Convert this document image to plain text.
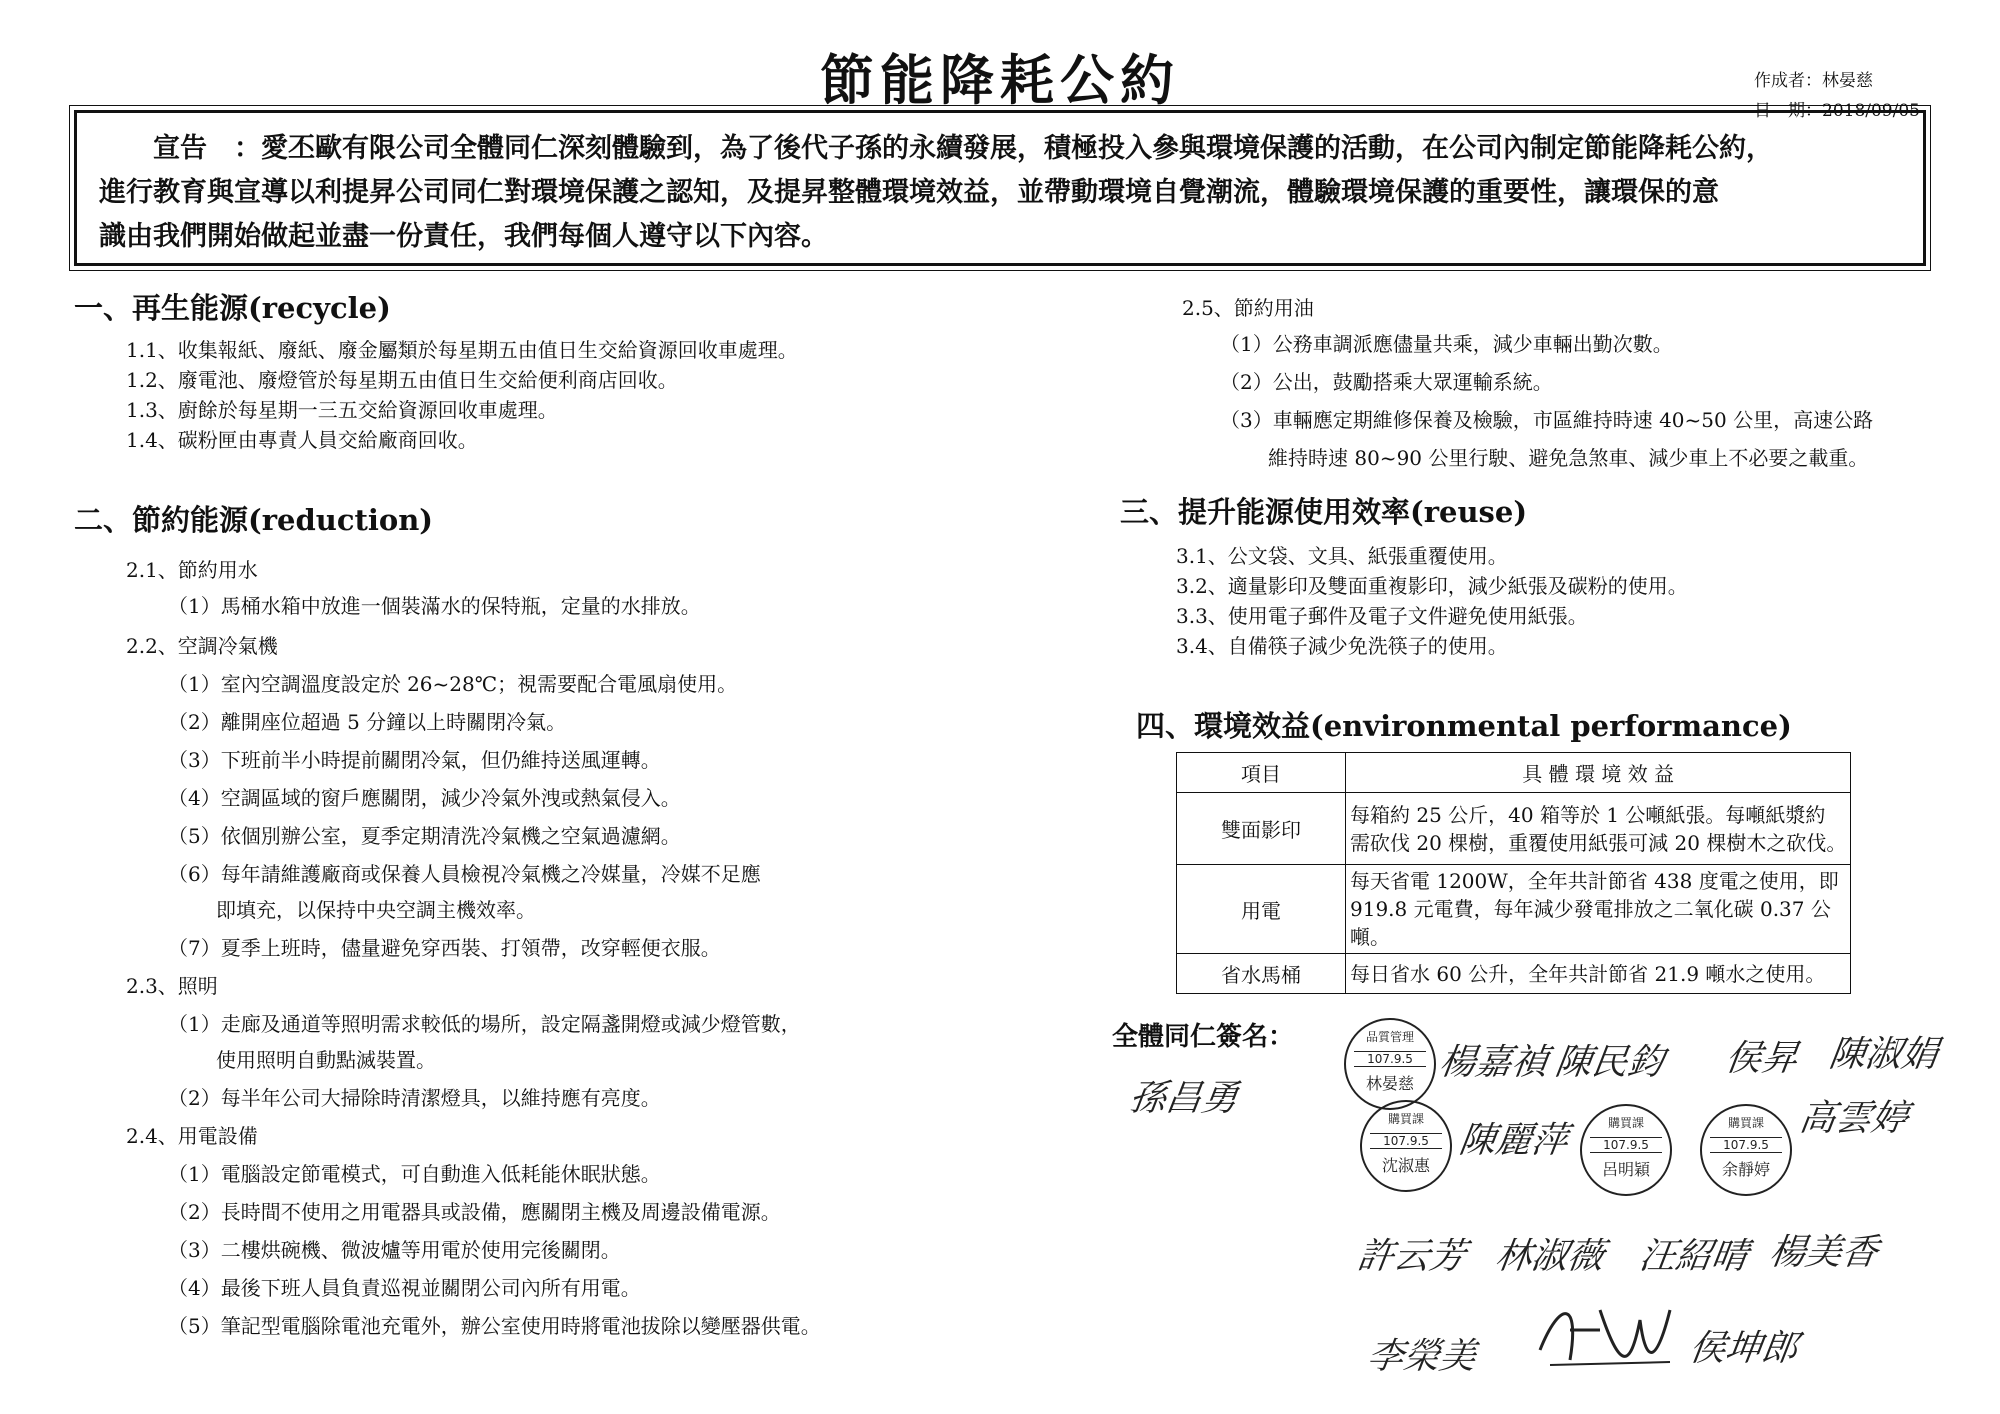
節能降耗公約	作成者：林晏慈
日　期：2018/09/05
　　宣告　：愛丕歐有限公司全體同仁深刻體驗到，為了後代子孫的永續發展，積極投入參與環境保護的活動，在公司內制定節能降耗公約，
進行教育與宣導以利提昇公司同仁對環境保護之認知，及提昇整體環境效益，並帶動環境自覺潮流，體驗環境保護的重要性，讓環保的意
識由我們開始做起並盡一份責任，我們每個人遵守以下內容。
一、再生能源(recycle)
1.1、收集報紙、廢紙、廢金屬類於每星期五由值日生交給資源回收車處理。
1.2、廢電池、廢燈管於每星期五由值日生交給便利商店回收。
1.3、廚餘於每星期一三五交給資源回收車處理。
1.4、碳粉匣由專責人員交給廠商回收。
二、節約能源(reduction)
2.1、節約用水
（1）馬桶水箱中放進一個裝滿水的保特瓶，定量的水排放。
2.2、空調冷氣機
（1）室內空調溫度設定於 26~28℃；視需要配合電風扇使用。
（2）離開座位超過 5 分鐘以上時關閉冷氣。
（3）下班前半小時提前關閉冷氣，但仍維持送風運轉。
（4）空調區域的窗戶應關閉，減少冷氣外洩或熱氣侵入。
（5）依個別辦公室，夏季定期清洗冷氣機之空氣過濾網。
（6）每年請維護廠商或保養人員檢視冷氣機之冷媒量，冷媒不足應
即填充，以保持中央空調主機效率。
（7）夏季上班時，儘量避免穿西裝、打領帶，改穿輕便衣服。
2.3、照明
（1）走廊及通道等照明需求較低的場所，設定隔盞開燈或減少燈管數，
使用照明自動點滅裝置。
（2）每半年公司大掃除時清潔燈具，以維持應有亮度。
2.4、用電設備
（1）電腦設定節電模式，可自動進入低耗能休眠狀態。
（2）長時間不使用之用電器具或設備，應關閉主機及周邊設備電源。
（3）二樓烘碗機、微波爐等用電於使用完後關閉。
（4）最後下班人員負責巡視並關閉公司內所有用電。
（5）筆記型電腦除電池充電外，辦公室使用時將電池拔除以變壓器供電。
2.5、節約用油
（1）公務車調派應儘量共乘，減少車輛出勤次數。
（2）公出，鼓勵搭乘大眾運輸系統。
（3）車輛應定期維修保養及檢驗，市區維持時速 40~50 公里，高速公路
維持時速 80~90 公里行駛、避免急煞車、減少車上不必要之載重。
三、提升能源使用效率(reuse)
3.1、公文袋、文具、紙張重覆使用。
3.2、適量影印及雙面重複影印，減少紙張及碳粉的使用。
3.3、使用電子郵件及電子文件避免使用紙張。
3.4、自備筷子減少免洗筷子的使用。
四、環境效益(environmental performance)
項目	具 體 環 境 效 益
雙面影印	每箱約 25 公斤，40 箱等於 1 公噸紙張。每噸紙漿約
需砍伐 20 棵樹，重覆使用紙張可減 20 棵樹木之砍伐。

用電	每天省電 1200W，全年共計節省 438 度電之使用，即
919.8 元電費，每年減少發電排放之二氧化碳 0.37 公
噸。

省水馬桶	每日省水 60 公升，全年共計節省 21.9 噸水之使用。
全體同仁簽名：	品質管理
107.9.5
林晏慈
購買課
107.9.5
沈淑惠
購買課
107.9.5
呂明穎
購買課
107.9.5
余靜婷
楊嘉禎 陳民鈞 侯昇 陳淑娟
孫昌勇
陳麗萍
高雲婷
許云芳 林淑薇 汪紹晴 楊美香
李榮美	侯坤郎
